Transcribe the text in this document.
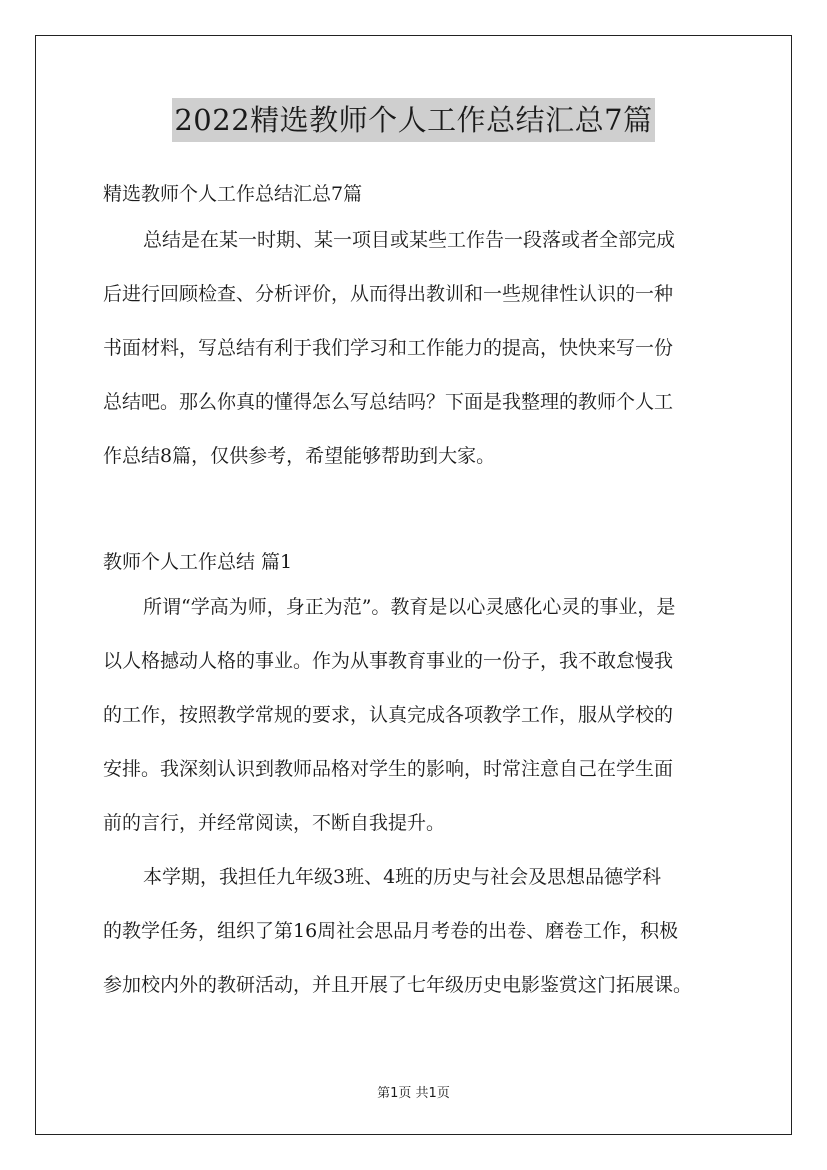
2022精选教师个人工作总结汇总7篇
精选教师个人工作总结汇总7篇
总结是在某一时期、某一项目或某些工作告一段落或者全部完成
后进行回顾检查、分析评价，从而得出教训和一些规律性认识的一种
书面材料，写总结有利于我们学习和工作能力的提高，快快来写一份
总结吧。那么你真的懂得怎么写总结吗？下面是我整理的教师个人工
作总结8篇，仅供参考，希望能够帮助到大家。
教师个人工作总结 篇1
所谓“学高为师，身正为范”。教育是以心灵感化心灵的事业，是
以人格撼动人格的事业。作为从事教育事业的一份子，我不敢怠慢我
的工作，按照教学常规的要求，认真完成各项教学工作，服从学校的
安排。我深刻认识到教师品格对学生的影响，时常注意自己在学生面
前的言行，并经常阅读，不断自我提升。
本学期，我担任九年级3班、4班的历史与社会及思想品德学科
的教学任务，组织了第16周社会思品月考卷的出卷、磨卷工作，积极
参加校内外的教研活动，并且开展了七年级历史电影鉴赏这门拓展课。
第1页 共1页
